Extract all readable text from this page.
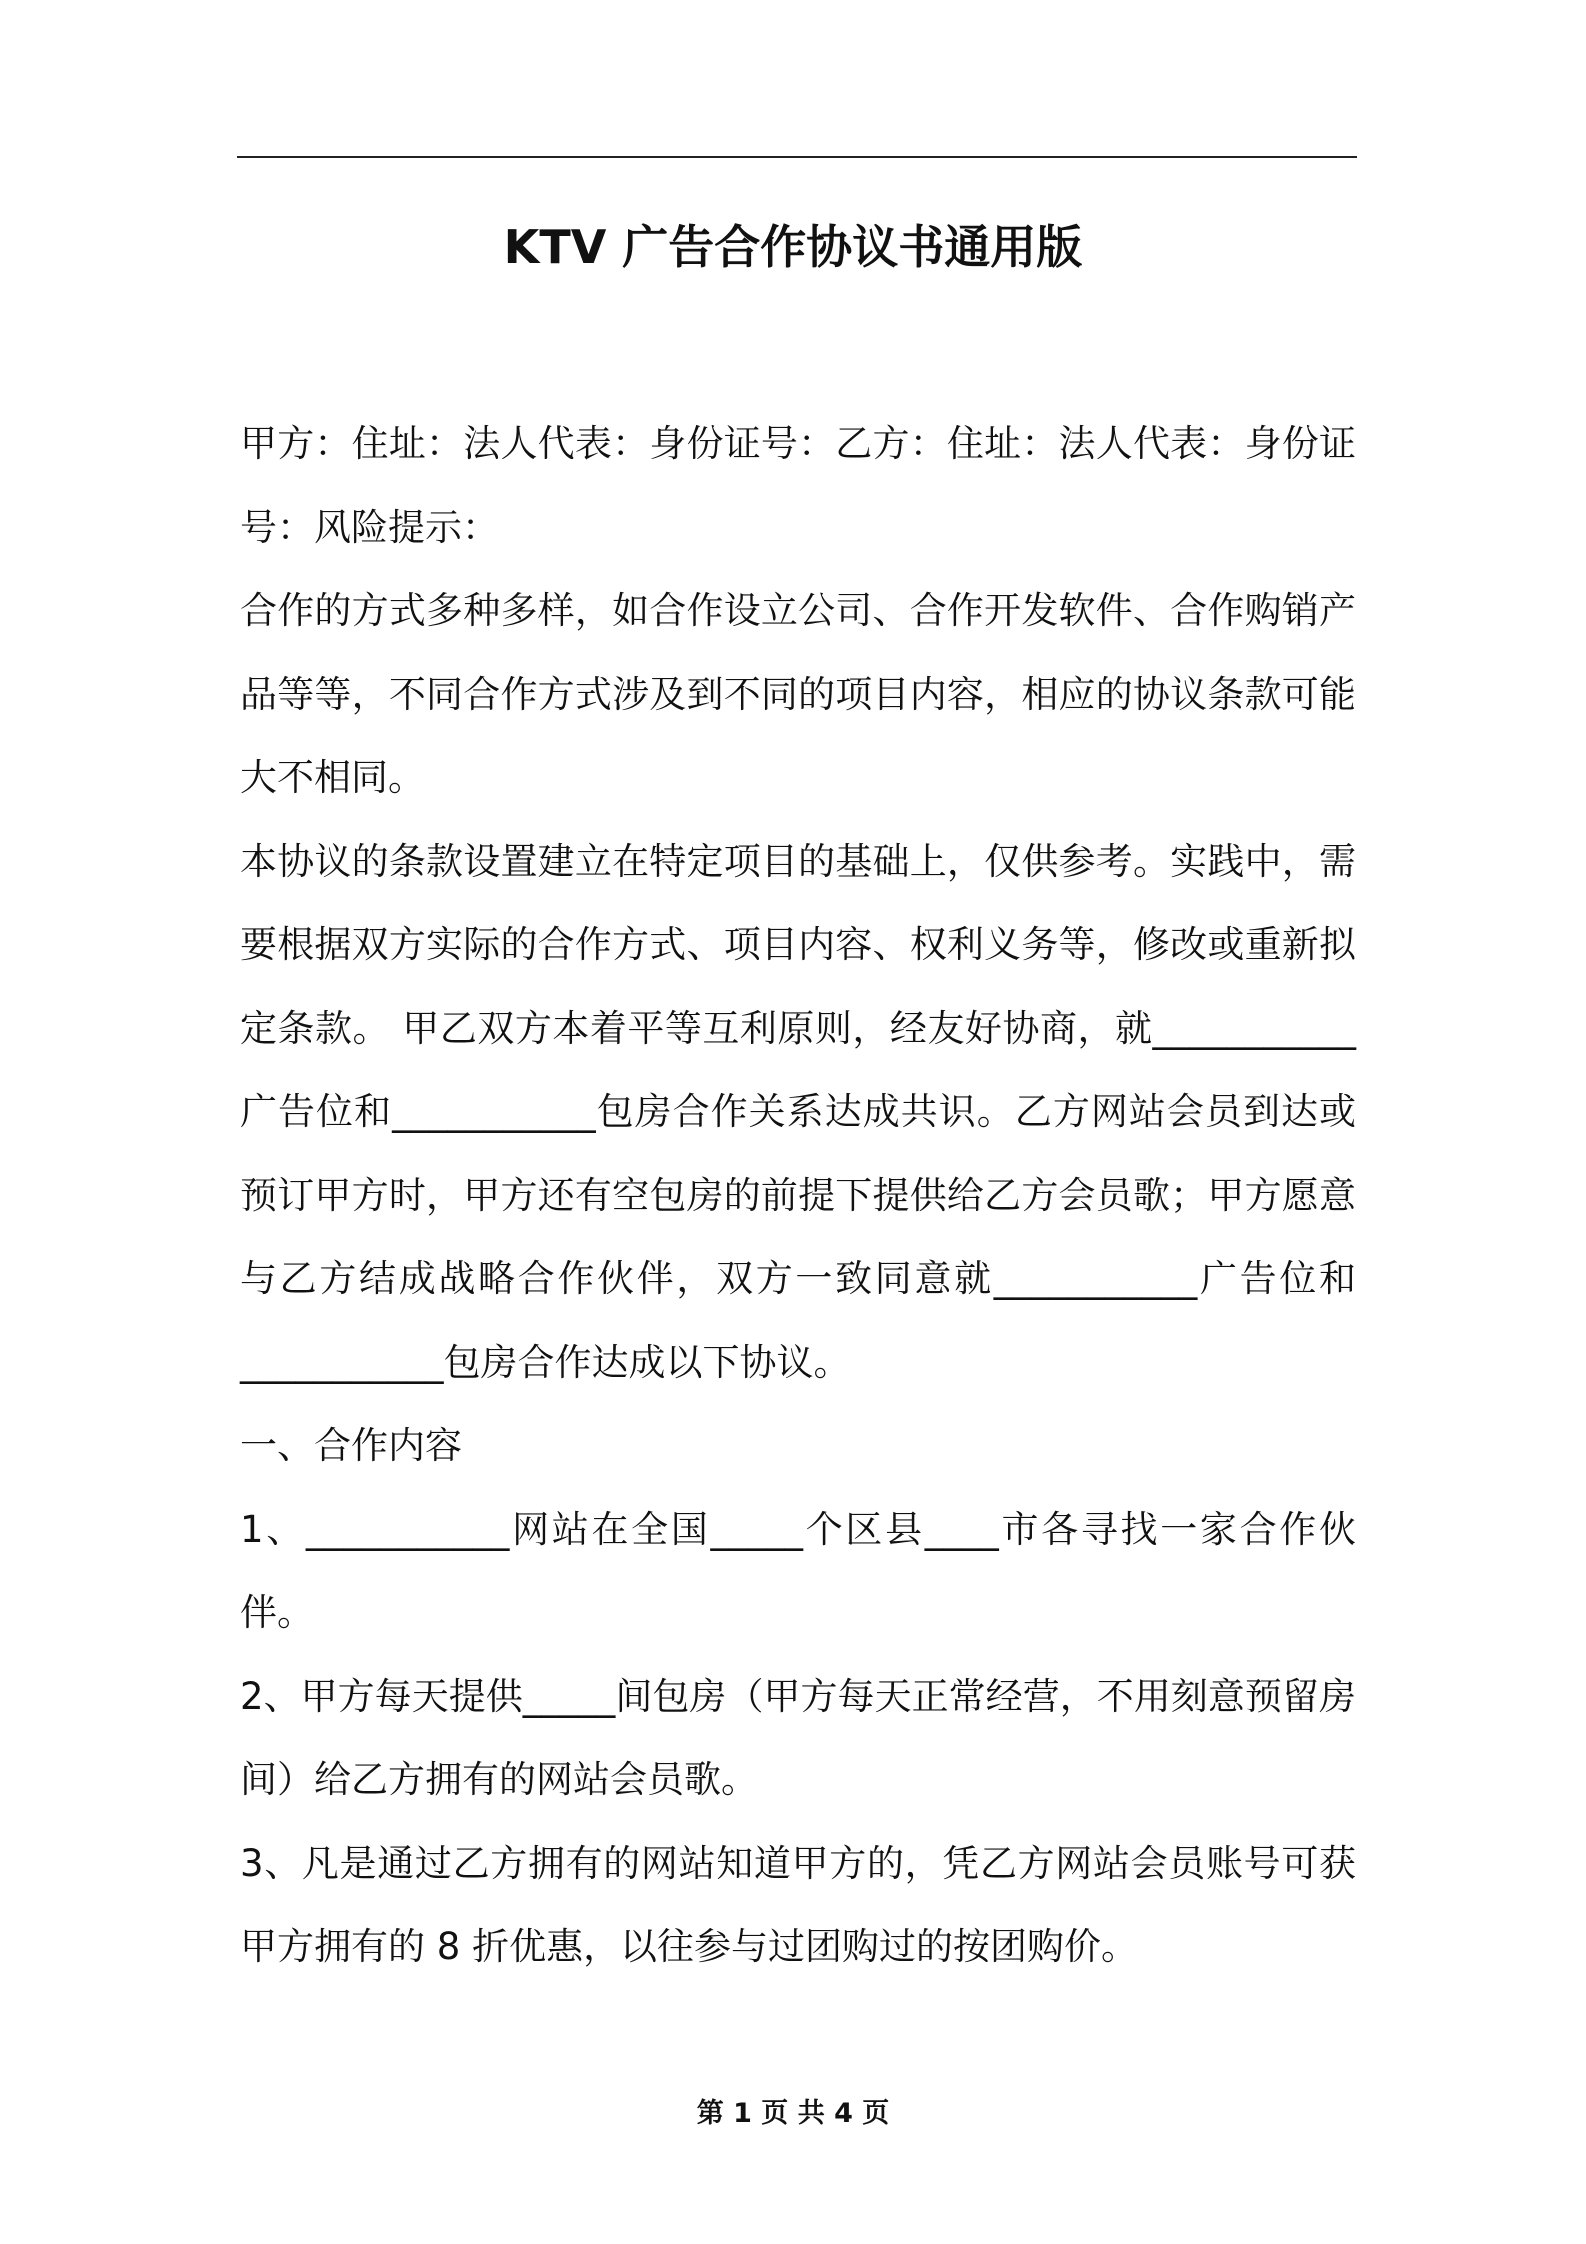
KTV 广告合作协议书通用版

甲方：住址：法人代表：身份证号：乙方：住址：法人代表：身份证号：风险提示：

合作的方式多种多样，如合作设立公司、合作开发软件、合作购销产品等等，不同合作方式涉及到不同的项目内容，相应的协议条款可能大不相同。

本协议的条款设置建立在特定项目的基础上，仅供参考。实践中，需要根据双方实际的合作方式、项目内容、权利义务等，修改或重新拟定条款。 甲乙双方本着平等互利原则，经友好协商，就___________广告位和___________包房合作关系达成共识。乙方网站会员到达或预订甲方时，甲方还有空包房的前提下提供给乙方会员歌；甲方愿意与乙方结成战略合作伙伴，双方一致同意就___________广告位和___________包房合作达成以下协议。

一、合作内容

1、___________网站在全国_____个区县____市各寻找一家合作伙伴。

2、甲方每天提供_____间包房（甲方每天正常经营，不用刻意预留房间）给乙方拥有的网站会员歌。

3、凡是通过乙方拥有的网站知道甲方的，凭乙方网站会员账号可获甲方拥有的 8 折优惠，以往参与过团购过的按团购价。

第 1 页 共 4 页
